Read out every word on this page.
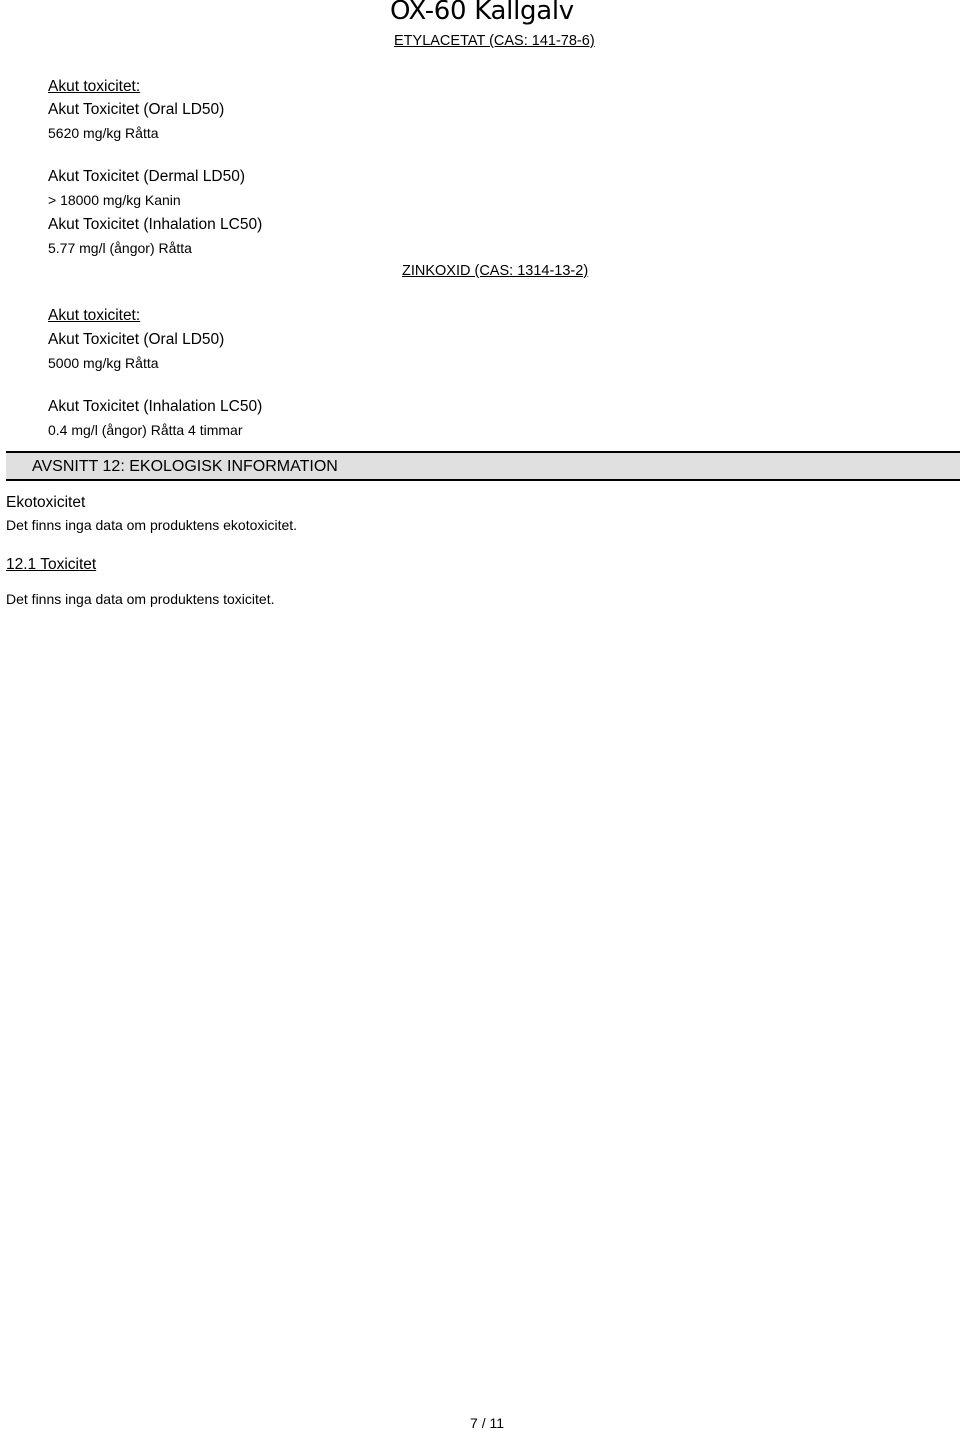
OX-60 Kallgalv
ETYLACETAT (CAS: 141-78-6)
Akut toxicitet:
Akut Toxicitet (Oral LD50)
5620 mg/kg Råtta
Akut Toxicitet (Dermal LD50)
> 18000 mg/kg Kanin
Akut Toxicitet (Inhalation LC50)
5.77 mg/l (ångor) Råtta
ZINKOXID (CAS: 1314-13-2)
Akut toxicitet:
Akut Toxicitet (Oral LD50)
5000 mg/kg Råtta
Akut Toxicitet (Inhalation LC50)
0.4 mg/l (ångor) Råtta 4 timmar
AVSNITT 12: EKOLOGISK INFORMATION
Ekotoxicitet
Det finns inga data om produktens ekotoxicitet.
12.1 Toxicitet
Det finns inga data om produktens toxicitet.
7 / 11
